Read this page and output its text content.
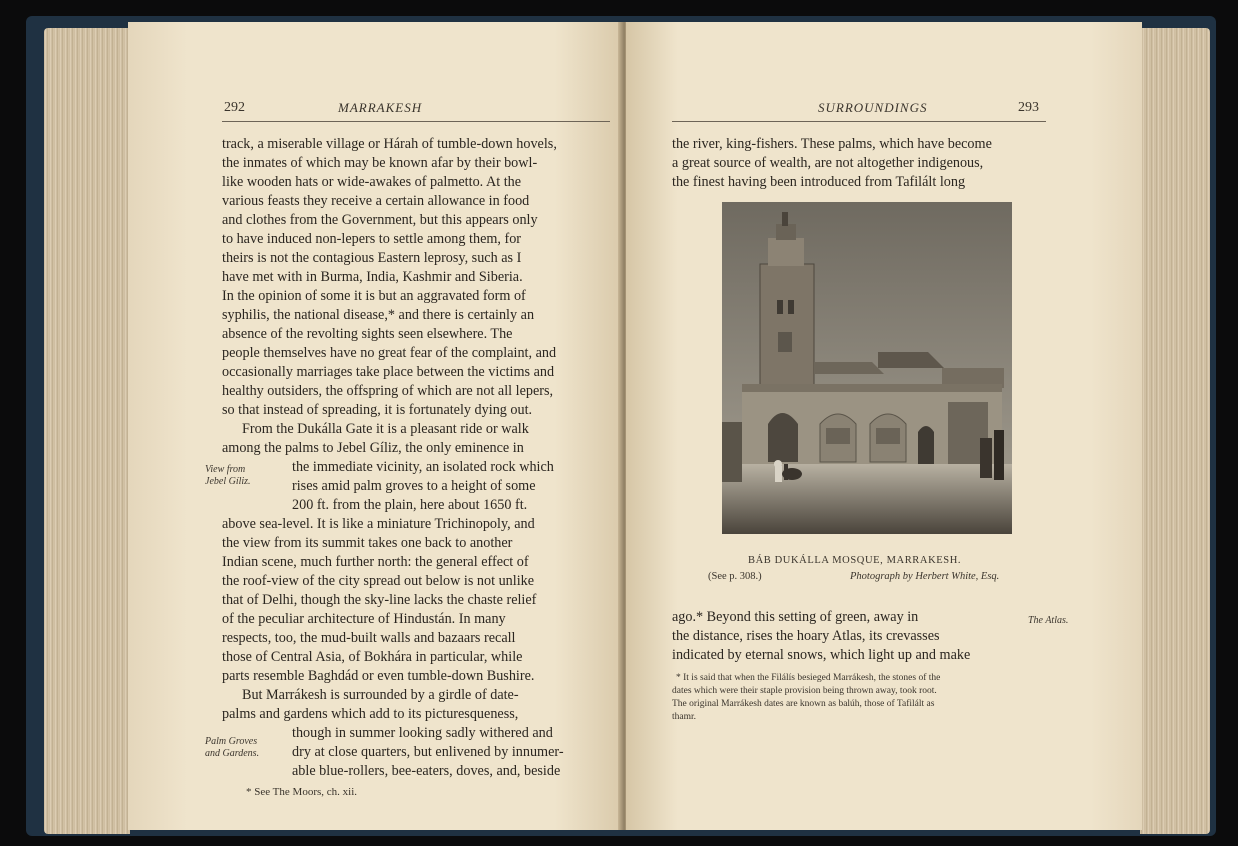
292	MARRAKESH
track, a miserable village or Hárah of tumble-down hovels,
the inmates of which may be known afar by their bowl-
like wooden hats or wide-awakes of palmetto. At the
various feasts they receive a certain allowance in food
and clothes from the Government, but this appears only
to have induced non-lepers to settle among them, for
theirs is not the contagious Eastern leprosy, such as I
have met with in Burma, India, Kashmir and Siberia.
In the opinion of some it is but an aggravated form of
syphilis, the national disease,* and there is certainly an
absence of the revolting sights seen elsewhere. The
people themselves have no great fear of the complaint, and
occasionally marriages take place between the victims and
healthy outsiders, the offspring of which are not all lepers,
so that instead of spreading, it is fortunately dying out.
From the Dukálla Gate it is a pleasant ride or walk
among the palms to Jebel Gíliz, the only eminence in
the immediate vicinity, an isolated rock which
rises amid palm groves to a height of some
200 ft. from the plain, here about 1650 ft.
above sea-level. It is like a miniature Trichinopoly, and
the view from its summit takes one back to another
Indian scene, much further north: the general effect of
the roof-view of the city spread out below is not unlike
that of Delhi, though the sky-line lacks the chaste relief
of the peculiar architecture of Hindustán. In many
respects, too, the mud-built walls and bazaars recall
those of Central Asia, of Bokhára in particular, while
parts resemble Baghdád or even tumble-down Bushire.
But Marrákesh is surrounded by a girdle of date-
palms and gardens which add to its picturesqueness,
though in summer looking sadly withered and
dry at close quarters, but enlivened by innumer-
able blue-rollers, bee-eaters, doves, and, beside
View from
Jebel Gíliz.
Palm Groves
and Gardens.
* See The Moors, ch. xii.
SURROUNDINGS	293
the river, king-fishers. These palms, which have become
a great source of wealth, are not altogether indigenous,
the finest having been introduced from Tafilált long
BÁB DUKÁLLA MOSQUE, MARRAKESH.
(See p. 308.)	Photograph by Herbert White, Esq.
ago.* Beyond this setting of green, away in
the distance, rises the hoary Atlas, its crevasses
indicated by eternal snows, which light up and make
The Atlas.
* It is said that when the Filálís besieged Marrákesh, the stones of the
dates which were their staple provision being thrown away, took root.
The original Marrákesh dates are known as balúh, those of Tafilált as
thamr.
